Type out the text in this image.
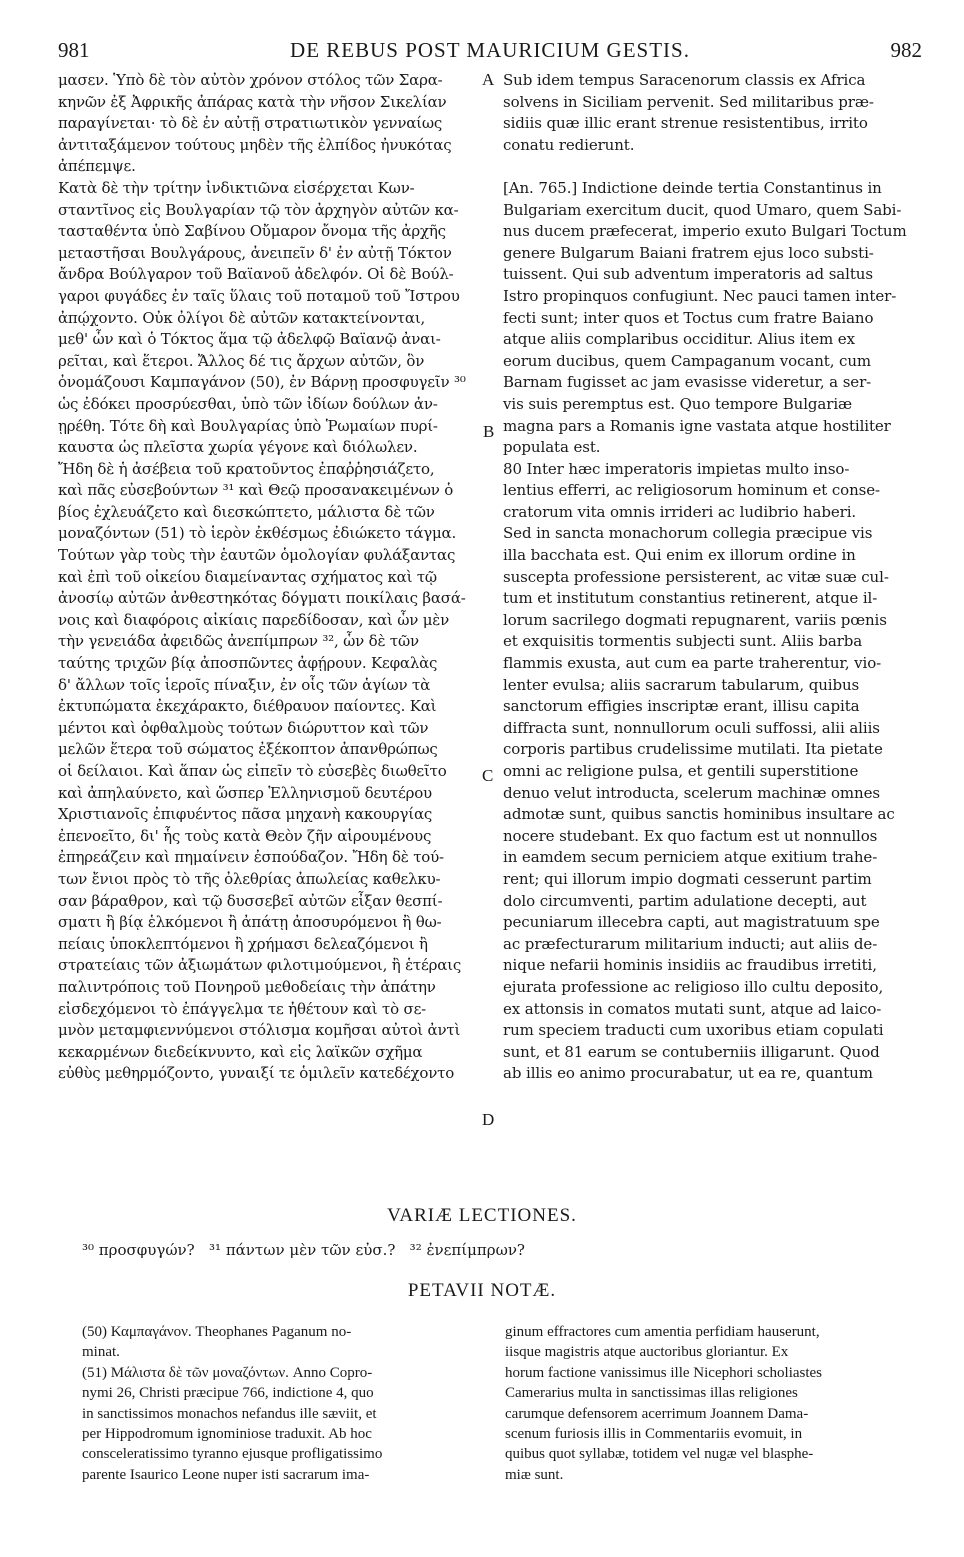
981	DE REBUS POST MAURICIUM GESTIS.	982
μασεν. Ὑπὸ δὲ τὸν αὐτὸν χρόνον στόλος τῶν Σαρα-
κηνῶν ἐξ Ἀφρικῆς ἀπάρας κατὰ τὴν νῆσον Σικελίαν
παραγίνεται· τὸ δὲ ἐν αὐτῇ στρατιωτικὸν γενναίως
ἀντιταξάμενον τούτους μηδὲν τῆς ἐλπίδος ἠνυκότας
ἀπέπεμψε.
Κατὰ δὲ τὴν τρίτην ἰνδικτιῶνα εἰσέρχεται Κων-
σταντῖνος εἰς Βουλγαρίαν τῷ τὸν ἀρχηγὸν αὐτῶν κα-
τασταθέντα ὑπὸ Σαβίνου Οὔμαρον ὄνομα τῆς ἀρχῆς
μεταστῆσαι Βουλγάρους, ἀνειπεῖν δ' ἐν αὐτῇ Τόκτον
ἄνδρα Βούλγαρον τοῦ Βαϊανοῦ ἀδελφόν. Οἱ δὲ Βούλ-
γαροι φυγάδες ἐν ταῖς ὕλαις τοῦ ποταμοῦ τοῦ Ἴστρου
ἀπῴχοντο. Οὐκ ὀλίγοι δὲ αὐτῶν κατακτείνονται,
μεθ' ὧν καὶ ὁ Τόκτος ἅμα τῷ ἀδελφῷ Βαϊανῷ ἀναι-
ρεῖται, καὶ ἕτεροι. Ἄλλος δέ τις ἄρχων αὐτῶν, ὃν
ὀνομάζουσι Καμπαγάνον (50), ἐν Βάρνῃ προσφυγεῖν ³⁰
ὡς ἐδόκει προσρύεσθαι, ὑπὸ τῶν ἰδίων δούλων ἀν-
ῃρέθη. Τότε δὴ καὶ Βουλγαρίας ὑπὸ Ῥωμαίων πυρί-
καυστα ὡς πλεῖστα χωρία γέγονε καὶ διόλωλεν.
Ἤδη δὲ ἡ ἀσέβεια τοῦ κρατοῦντος ἐπαῤῥησιάζετο,
καὶ πᾶς εὐσεβούντων ³¹ καὶ Θεῷ προσανακειμένων ὁ
βίος ἐχλευάζετο καὶ διεσκώπτετο, μάλιστα δὲ τῶν
μοναζόντων (51) τὸ ἱερὸν ἐκθέσμως ἐδιώκετο τάγμα.
Τούτων γὰρ τοὺς τὴν ἑαυτῶν ὁμολογίαν φυλάξαντας
καὶ ἐπὶ τοῦ οἰκείου διαμείναντας σχήματος καὶ τῷ
ἀνοσίῳ αὐτῶν ἀνθεστηκότας δόγματι ποικίλαις βασά-
νοις καὶ διαφόροις αἰκίαις παρεδίδοσαν, καὶ ὧν μὲν
τὴν γενειάδα ἀφειδῶς ἀνεπίμπρων ³², ὧν δὲ τῶν
ταύτης τριχῶν βίᾳ ἀποσπῶντες ἀφῄρουν. Κεφαλὰς
δ' ἄλλων τοῖς ἱεροῖς πίναξιν, ἐν οἷς τῶν ἁγίων τὰ
ἐκτυπώματα ἐκεχάρακτο, διέθραυον παίοντες. Καὶ
μέντοι καὶ ὀφθαλμοὺς τούτων διώρυττον καὶ τῶν
μελῶν ἕτερα τοῦ σώματος ἐξέκοπτον ἀπανθρώπως
οἱ δείλαιοι. Καὶ ἅπαν ὡς εἰπεῖν τὸ εὐσεβὲς διωθεῖτο
καὶ ἀπηλαύνετο, καὶ ὥσπερ Ἑλληνισμοῦ δευτέρου
Χριστιανοῖς ἐπιφυέντος πᾶσα μηχανὴ κακουργίας
ἐπενοεῖτο, δι' ἧς τοὺς κατὰ Θεὸν ζῆν αἱρουμένους
ἐπηρεάζειν καὶ πημαίνειν ἐσπούδαζον. Ἤδη δὲ τού-
των ἔνιοι πρὸς τὸ τῆς ὀλεθρίας ἀπωλείας καθελκυ-
σαν βάραθρον, καὶ τῷ δυσσεβεῖ αὐτῶν εἶξαν θεσπί-
σματι ἢ βίᾳ ἑλκόμενοι ἢ ἀπάτῃ ἀποσυρόμενοι ἢ θω-
πείαις ὑποκλεπτόμενοι ἢ χρήμασι δελεαζόμενοι ἢ
στρατείαις τῶν ἀξιωμάτων φιλοτιμούμενοι, ἢ ἑτέραις
παλιντρόποις τοῦ Πονηροῦ μεθοδείαις τὴν ἀπάτην
εἰσδεχόμενοι τὸ ἐπάγγελμα τε ἠθέτουν καὶ τὸ σε-
μνὸν μεταμφιεννύμενοι στόλισμα κομῆσαι αὐτοὶ ἀντὶ
κεκαρμένων διεδείκνυντο, καὶ εἰς λαϊκῶν σχῆμα
εὐθὺς μεθηρμόζοντο, γυναιξί τε ὁμιλεῖν κατεδέχοντο
A
B
C
D
Sub idem tempus Saracenorum classis ex Africa
solvens in Siciliam pervenit. Sed militaribus præ-
sidiis quæ illic erant strenue resistentibus, irrito
conatu redierunt.

[An. 765.] Indictione deinde tertia Constantinus in
Bulgariam exercitum ducit, quod Umaro, quem Sabi-
nus ducem præfecerat, imperio exuto Bulgari Toctum
genere Bulgarum Baiani fratrem ejus loco substi-
tuissent. Qui sub adventum imperatoris ad saltus
Istro propinquos confugiunt. Nec pauci tamen inter-
fecti sunt; inter quos et Toctus cum fratre Baiano
atque aliis complaribus occiditur. Alius item ex
eorum ducibus, quem Campaganum vocant, cum
Barnam fugisset ac jam evasisse videretur, a ser-
vis suis peremptus est. Quo tempore Bulgariæ
magna pars a Romanis igne vastata atque hostiliter
populata est.
80 Inter hæc imperatoris impietas multo inso-
lentius efferri, ac religiosorum hominum et conse-
cratorum vita omnis irrideri ac ludibrio haberi.
Sed in sancta monachorum collegia præcipue vis
illa bacchata est. Qui enim ex illorum ordine in
suscepta professione persisterent, ac vitæ suæ cul-
tum et institutum constantius retinerent, atque il-
lorum sacrilego dogmati repugnarent, variis pœnis
et exquisitis tormentis subjecti sunt. Aliis barba
flammis exusta, aut cum ea parte traherentur, vio-
lenter evulsa; aliis sacrarum tabularum, quibus
sanctorum effigies inscriptæ erant, illisu capita
diffracta sunt, nonnullorum oculi suffossi, alii aliis
corporis partibus crudelissime mutilati. Ita pietate
omni ac religione pulsa, et gentili superstitione
denuo velut introducta, scelerum machinæ omnes
admotæ sunt, quibus sanctis hominibus insultare ac
nocere studebant. Ex quo factum est ut nonnullos
in eamdem secum perniciem atque exitium trahe-
rent; qui illorum impio dogmati cesserunt partim
dolo circumventi, partim adulatione decepti, aut
pecuniarum illecebra capti, aut magistratuum spe
ac præfecturarum militarium inducti; aut aliis de-
nique nefarii hominis insidiis ac fraudibus irretiti,
ejurata professione ac religioso illo cultu deposito,
ex attonsis in comatos mutati sunt, atque ad laico-
rum speciem traducti cum uxoribus etiam copulati
sunt, et 81 earum se contuberniis illigarunt. Quod
ab illis eo animo procurabatur, ut ea re, quantum
VARIÆ LECTIONES.
³⁰ προσφυγών?   ³¹ πάντων μὲν τῶν εὐσ.?   ³² ἐνεπίμπρων?
PETAVII NOTÆ.
(50) Καμπαγάνον. Theophanes Paganum no-
minat.
(51) Μάλιστα δὲ τῶν μοναζόντων. Anno Copro-
nymi 26, Christi præcipue 766, indictione 4, quo
in sanctissimos monachos nefandus ille sæviit, et
per Hippodromum ignominiose traduxit. Ab hoc
consceleratissimo tyranno ejusque profligatissimo
parente Isaurico Leone nuper isti sacrarum ima-
ginum effractores cum amentia perfidiam hauserunt,
iisque magistris atque auctoribus gloriantur. Ex
horum factione vanissimus ille Nicephori scholiastes
Camerarius multa in sanctissimas illas religiones
carumque defensorem acerrimum Joannem Dama-
scenum furiosis illis in Commentariis evomuit, in
quibus quot syllabæ, totidem vel nugæ vel blasphe-
miæ sunt.
